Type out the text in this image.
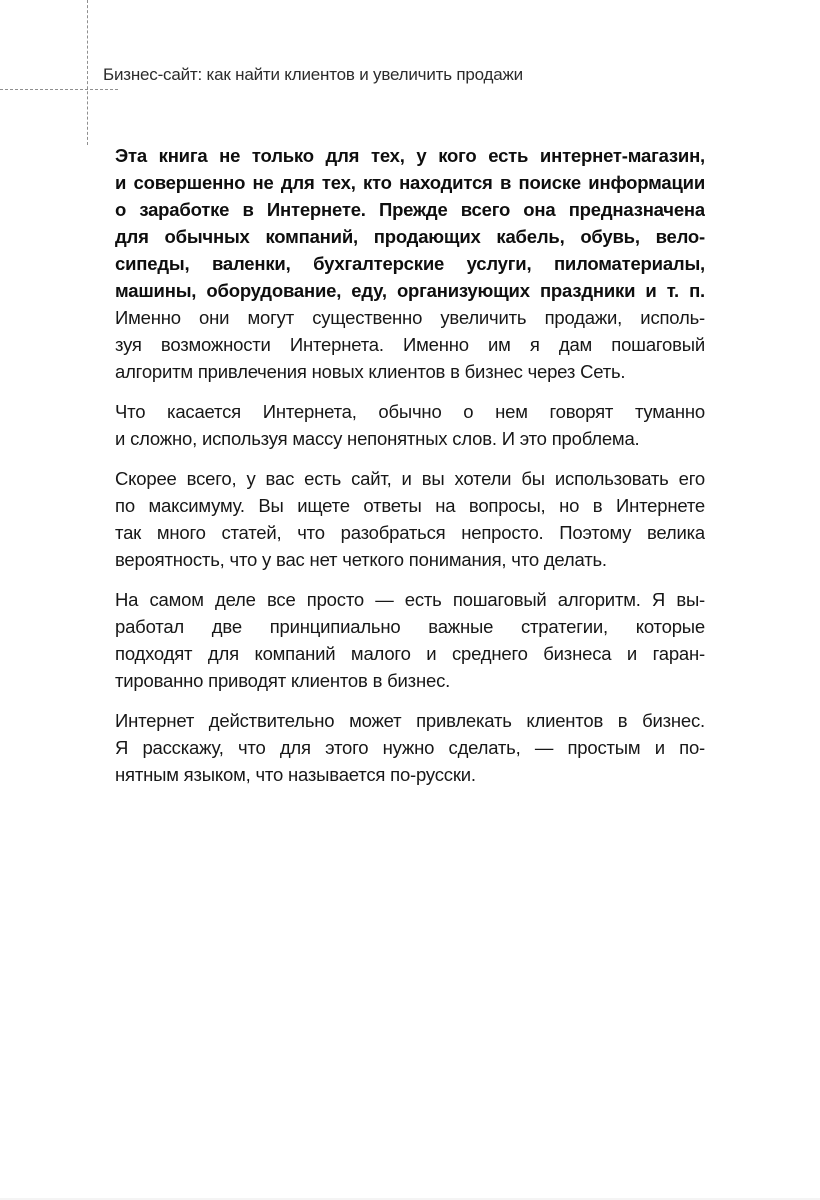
Бизнес-сайт: как найти клиентов и увеличить продажи
Эта книга не только для тех, у кого есть интернет-магазин,
и совершенно не для тех, кто находится в поиске информации
о заработке в Интернете. Прежде всего она предназначена
для обычных компаний, продающих кабель, обувь, вело-
сипеды, валенки, бухгалтерские услуги, пиломатериалы,
машины, оборудование, еду, организующих праздники и т. п.
Именно они могут существенно увеличить продажи, исполь-
зуя возможности Интернета. Именно им я дам пошаговый
алгоритм привлечения новых клиентов в бизнес через Сеть.
Что касается Интернета, обычно о нем говорят туманно
и сложно, используя массу непонятных слов. И это проблема.
Скорее всего, у вас есть сайт, и вы хотели бы использовать его
по максимуму. Вы ищете ответы на вопросы, но в Интернете
так много статей, что разобраться непросто. Поэтому велика
вероятность, что у вас нет четкого понимания, что делать.
На самом деле все просто — есть пошаговый алгоритм. Я вы-
работал две принципиально важные стратегии, которые
подходят для компаний малого и среднего бизнеса и гаран-
тированно приводят клиентов в бизнес.
Интернет действительно может привлекать клиентов в бизнес.
Я расскажу, что для этого нужно сделать, — простым и по-
нятным языком, что называется по-русски.
